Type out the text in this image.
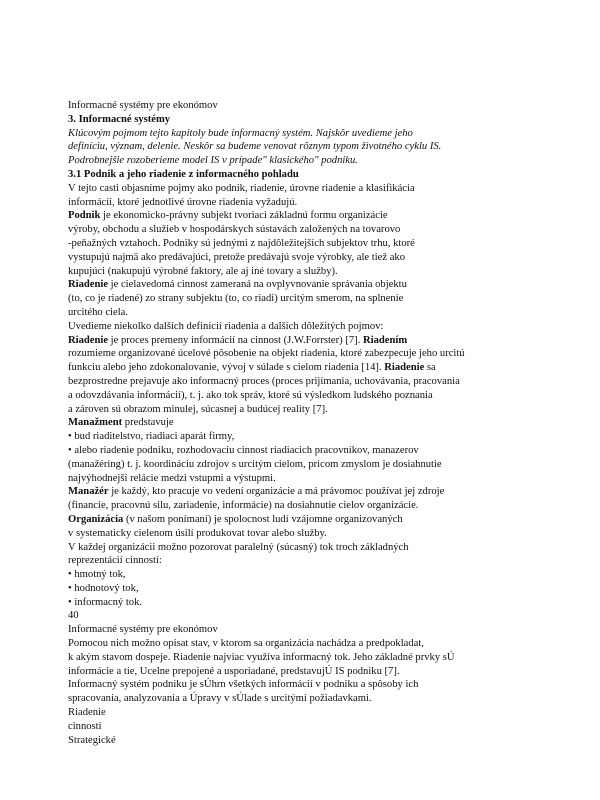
Informacné systémy pre ekonómov
3. Informacné systémy
Klúcovým pojmom tejto kapitoly bude informacný systém. Najskôr uvedieme jeho
definíciu, význam, delenie. Neskôr sa budeme venovat rôznym typom životného cyklu IS.
Podrobnejšie rozoberieme model IS v prípade" klasického" podniku.
3.1 Podnik a jeho riadenie z informacného pohladu
V tejto casti objasníme pojmy ako podnik, riadenie, úrovne riadenie a klasifikácia
informácií, ktoré jednotlivé úrovne riadenia vyžadujú.
Podnik je ekonomicko-právny subjekt tvoriaci základnú formu organizácie
výroby, obchodu a služieb v hospodárskych sústavách založených na tovarovo
-peňažných vztahoch. Podniky sú jednými z najdôležitejších subjektov trhu, ktoré
vystupujú najmä ako predávajúci, pretože predávajú svoje výrobky, ale tiež ako
kupujúci (nakupujú výrobné faktory, ale aj iné tovary a služby).
Riadenie je cielavedomá cinnost zameraná na ovplyvnovanie správania objektu
(to, co je riadené) zo strany subjektu (to, co riadi) urcitým smerom, na splnenie
urcitého ciela.
Uvedieme niekolko dalších definícií riadenia a dalších dôležitých pojmov:
Riadenie je proces premeny informácií na cinnost (J.W.Forrster) [7]. Riadením
rozumieme organizované úcelové pôsobenie na objekt riadenia, ktoré zabezpecuje jeho urcitú
funkciu alebo jeho zdokonalovanie, vývoj v súlade s cielom riadenia [14]. Riadenie sa
bezprostredne prejavuje ako informacný proces (proces prijímania, uchovávania, pracovania
a odovzdávania informácií), t. j. ako tok správ, ktoré sú výsledkom ludského poznania
a zároven sú obrazom minulej, súcasnej a budúcej reality [7].
Manažment predstavuje
• bud riaditelstvo, riadiaci aparát firmy,
• alebo riadenie podniku, rozhodovaciu cinnost riadiacich pracovníkov, manazerov
(manažéring) t. j. koordináciu zdrojov s urcitým cielom, pricom zmyslom je dosiahnutie
najvýhodnejší relácie medzi vstupmi a výstupmi.
Manažér je každý, kto pracuje vo vedení organizácie a má právomoc používat jej zdroje
(financie, pracovnú silu, zariadenie, informácie) na dosiahnutie cielov organizácie.
Organizácia (v našom ponímaní) je spolocnost ludí vzájomne organizovaných
v systematicky cielenom úsilí produkovat tovar alebo služby.
V každej organizácii možno pozorovat paralelný (súcasný) tok troch základných
reprezentácií cinností:
• hmotný tok,
• hodnotový tok,
• informacný tok.
40
Informacné systémy pre ekonómov
Pomocou nich možno opísat stav, v ktorom sa organizácia nachádza a predpokladat,
k akým stavom dospeje. Riadenie najviac využíva informacný tok. Jeho základné prvky sÚ
informácie a tie, Ucelne prepojené a usporiadané, predstavujÚ IS podniku [7].
Informacný systém podniku je sÚhrn všetkých informácií v podniku a spôsoby ich
spracovania, analyzovania a Úpravy v sÚlade s urcitými požiadavkami.
Riadenie
cinnosti
Strategické
